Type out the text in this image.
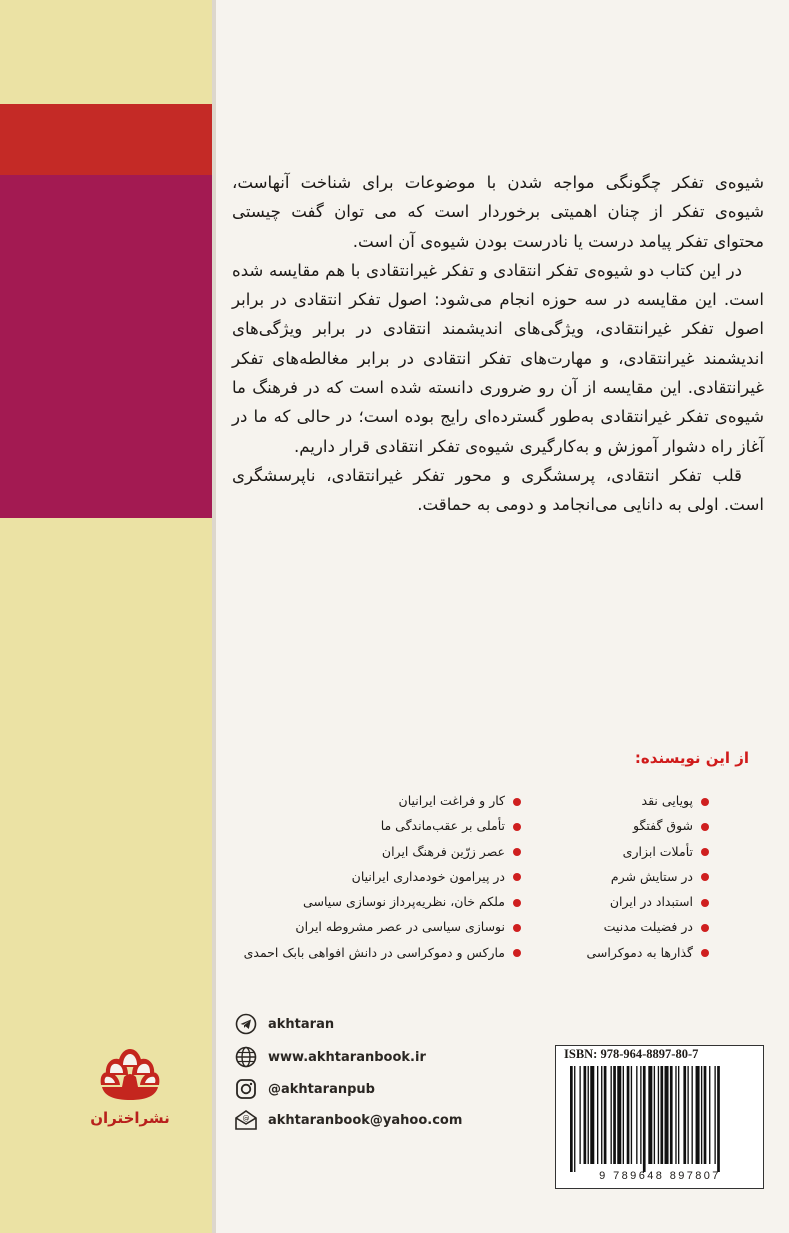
شیوه‌ی تفکر چگونگی مواجه شدن با موضوعات برای شناخت آنهاست، شیوه‌ی تفکر از چنان اهمیتی برخوردار است که می توان گفت چیستی محتوای تفکر پیامد درست یا نادرست بودن شیوه‌ی آن است.

در این کتاب دو شیوه‌ی تفکر انتقادی و تفکر غیرانتقادی با هم مقایسه شده است. این مقایسه در سه حوزه انجام می‌شود: اصول تفکر انتقادی در برابر اصول تفکر غیرانتقادی، ویژگی‌های اندیشمند انتقادی در برابر ویژگی‌های اندیشمند غیرانتقادی، و مهارت‌های تفکر انتقادی در برابر مغالطه‌های تفکر غیرانتقادی. این مقایسه از آن رو ضروری دانسته شده است که در فرهنگ ما شیوه‌ی تفکر غیرانتقادی به‌طور گسترده‌ای رایج بوده است؛ در حالی که ما در آغاز راه دشوار آموزش و به‌کارگیری شیوه‌ی تفکر انتقادی قرار داریم.

قلب تفکر انتقادی، پرسشگری و محور تفکر غیرانتقادی، ناپرسشگری است. اولی به دانایی می‌انجامد و دومی به حماقت.

از این نویسنده:
پویایی نقد
شوق گفتگو
تأملات ابزاری
در ستایش شرم
استبداد در ایران
در فضیلت مدنیت
گذارها به دموکراسی
کار و فراغت ایرانیان
تأملی بر عقب‌ماندگی ما
عصر زرّین فرهنگ ایران
در پیرامون خودمداری ایرانیان
ملکم خان، نظریه‌پرداز نوسازی سیاسی
نوسازی سیاسی در عصر مشروطه ایران
مارکس و دموکراسی در دانش افواهی بابک احمدی
akhtaran
www.akhtaranbook.ir
@akhtaranpub
@ akhtaranbook@yahoo.com
نشراختران
ISBN: 978-964-8897-80-7
9 789648 897807
